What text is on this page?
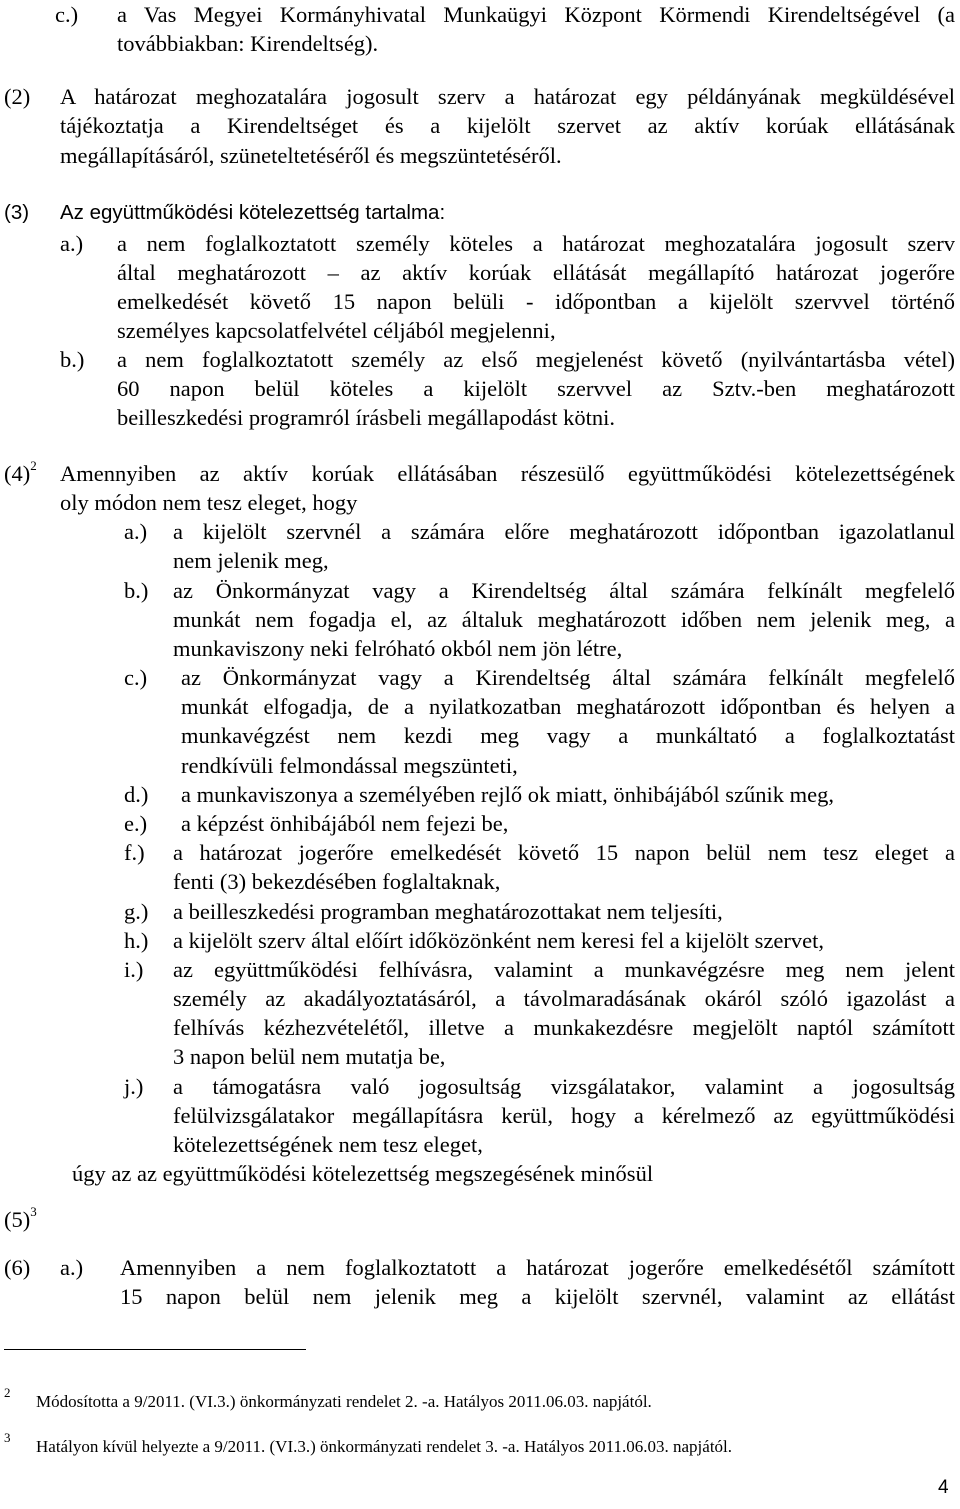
c.) a Vas Megyei Kormányhivatal Munkaügyi Központ Körmendi Kirendeltségével (a
továbbiakban: Kirendeltség).
(2) A határozat meghozatalára jogosult szerv a határozat egy példányának megküldésével
tájékoztatja a Kirendeltséget és a kijelölt szervet az aktív korúak ellátásának
megállapításáról, szüneteltetéséről és megszüntetéséről.
(3) Az együttműködési kötelezettség tartalma:
a.) a nem foglalkoztatott személy köteles a határozat meghozatalára jogosult szerv
által meghatározott – az aktív korúak ellátását megállapító határozat jogerőre
emelkedését követő 15 napon belüli - időpontban a kijelölt szervvel történő
személyes kapcsolatfelvétel céljából megjelenni,
b.) a nem foglalkoztatott személy az első megjelenést követő (nyilvántartásba vétel)
60 napon belül köteles a kijelölt szervvel az Sztv.-ben meghatározott
beilleszkedési programról írásbeli megállapodást kötni.
$(4)^2$ Amennyiben az aktív korúak ellátásában részesülő együttműködési kötelezettségének
oly módon nem tesz eleget, hogy
a.) a kijelölt szervnél a számára előre meghatározott időpontban igazolatlanul
nem jelenik meg,
b.) az Önkormányzat vagy a Kirendeltség által számára felkínált megfelelő
munkát nem fogadja el, az általuk meghatározott időben nem jelenik meg, a
munkaviszony neki felróható okból nem jön létre,
c.) az Önkormányzat vagy a Kirendeltség által számára felkínált megfelelő
munkát elfogadja, de a nyilatkozatban meghatározott időpontban és helyen a
munkavégzést nem kezdi meg vagy a munkáltató a foglalkoztatást
rendkívüli felmondással megszünteti,
d.) a munkaviszonya a személyében rejlő ok miatt, önhibájából szűnik meg,
e.) a képzést önhibájából nem fejezi be,
f.) a határozat jogerőre emelkedését követő 15 napon belül nem tesz eleget a
fenti (3) bekezdésében foglaltaknak,
g.) a beilleszkedési programban meghatározottakat nem teljesíti,
h.) a kijelölt szerv által előírt időközönként nem keresi fel a kijelölt szervet,
i.) az együttműködési felhívásra, valamint a munkavégzésre meg nem jelent
személy az akadályoztatásáról, a távolmaradásának okáról szóló igazolást a
felhívás kézhezvételétől, illetve a munkakezdésre megjelölt naptól számított
3 napon belül nem mutatja be,
j.) a támogatásra való jogosultság vizsgálatakor, valamint a jogosultság
felülvizsgálatakor megállapításra kerül, hogy a kérelmező az együttműködési
kötelezettségének nem tesz eleget,
úgy az az együttműködési kötelezettség megszegésének minősül
$(5)^3$
(6) a.) Amennyiben a nem foglalkoztatott a határozat jogerőre emelkedésétől számított
15 napon belül nem jelenik meg a kijelölt szervnél, valamint az ellátást
2 Módosította a 9/2011. (VI.3.) önkormányzati rendelet 2. -a. Hatályos 2011.06.03. napjától.
3 Hatályon kívül helyezte a 9/2011. (VI.3.) önkormányzati rendelet 3. -a. Hatályos 2011.06.03. napjától.
4
